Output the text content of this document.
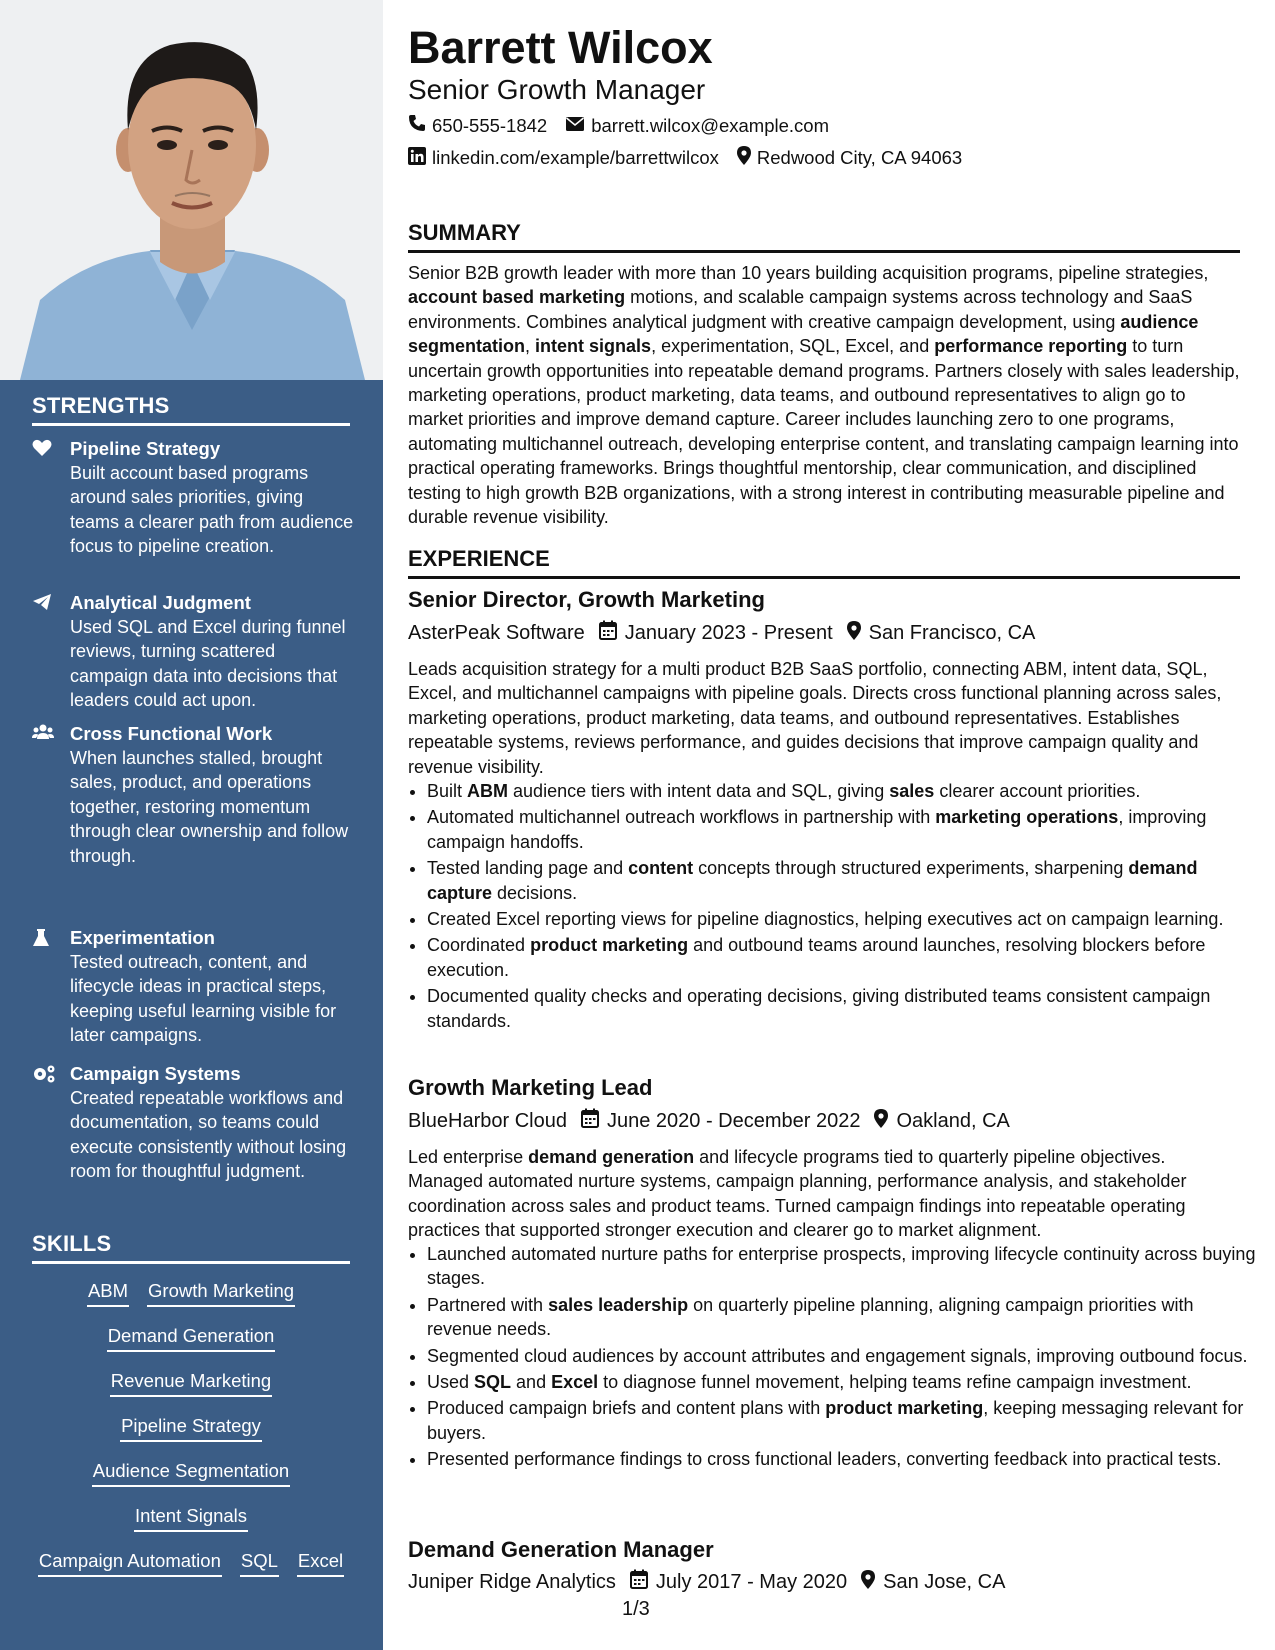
STRENGTHS
Pipeline Strategy
Built account based programs around sales priorities, giving teams a clearer path from audience focus to pipeline creation.
Analytical Judgment
Used SQL and Excel during funnel reviews, turning scattered campaign data into decisions that leaders could act upon.
Cross Functional Work
When launches stalled, brought sales, product, and operations together, restoring momentum through clear ownership and follow through.
Experimentation
Tested outreach, content, and lifecycle ideas in practical steps, keeping useful learning visible for later campaigns.
Campaign Systems
Created repeatable workflows and documentation, so teams could execute consistently without losing room for thoughtful judgment.
SKILLS
ABM Growth Marketing
Demand Generation
Revenue Marketing
Pipeline Strategy
Audience Segmentation
Intent Signals
Campaign Automation SQL Excel
Barrett Wilcox
Senior Growth Manager
650-555-1842 barrett.wilcox@example.com
linkedin.com/example/barrettwilcox Redwood City, CA 94063
SUMMARY
Senior B2B growth leader with more than 10 years building acquisition programs, pipeline strategies, account based marketing motions, and scalable campaign systems across technology and SaaS environments. Combines analytical judgment with creative campaign development, using audience segmentation, intent signals, experimentation, SQL, Excel, and performance reporting to turn uncertain growth opportunities into repeatable demand programs. Partners closely with sales leadership, marketing operations, product marketing, data teams, and outbound representatives to align go to market priorities and improve demand capture. Career includes launching zero to one programs, automating multichannel outreach, developing enterprise content, and translating campaign learning into practical operating frameworks. Brings thoughtful mentorship, clear communication, and disciplined testing to high growth B2B organizations, with a strong interest in contributing measurable pipeline and durable revenue visibility.
EXPERIENCE
Senior Director, Growth Marketing
AsterPeak Software January 2023 - Present San Francisco, CA
Leads acquisition strategy for a multi product B2B SaaS portfolio, connecting ABM, intent data, SQL, Excel, and multichannel campaigns with pipeline goals. Directs cross functional planning across sales, marketing operations, product marketing, data teams, and outbound representatives. Establishes repeatable systems, reviews performance, and guides decisions that improve campaign quality and revenue visibility.
• Built ABM audience tiers with intent data and SQL, giving sales clearer account priorities.
• Automated multichannel outreach workflows in partnership with marketing operations, improving campaign handoffs.
• Tested landing page and content concepts through structured experiments, sharpening demand capture decisions.
• Created Excel reporting views for pipeline diagnostics, helping executives act on campaign learning.
• Coordinated product marketing and outbound teams around launches, resolving blockers before execution.
• Documented quality checks and operating decisions, giving distributed teams consistent campaign standards.
Growth Marketing Lead
BlueHarbor Cloud June 2020 - December 2022 Oakland, CA
Led enterprise demand generation and lifecycle programs tied to quarterly pipeline objectives. Managed automated nurture systems, campaign planning, performance analysis, and stakeholder coordination across sales and product teams. Turned campaign findings into repeatable operating practices that supported stronger execution and clearer go to market alignment.
• Launched automated nurture paths for enterprise prospects, improving lifecycle continuity across buying stages.
• Partnered with sales leadership on quarterly pipeline planning, aligning campaign priorities with revenue needs.
• Segmented cloud audiences by account attributes and engagement signals, improving outbound focus.
• Used SQL and Excel to diagnose funnel movement, helping teams refine campaign investment.
• Produced campaign briefs and content plans with product marketing, keeping messaging relevant for buyers.
• Presented performance findings to cross functional leaders, converting feedback into practical tests.
Demand Generation Manager
Juniper Ridge Analytics July 2017 - May 2020 San Jose, CA
1/3
